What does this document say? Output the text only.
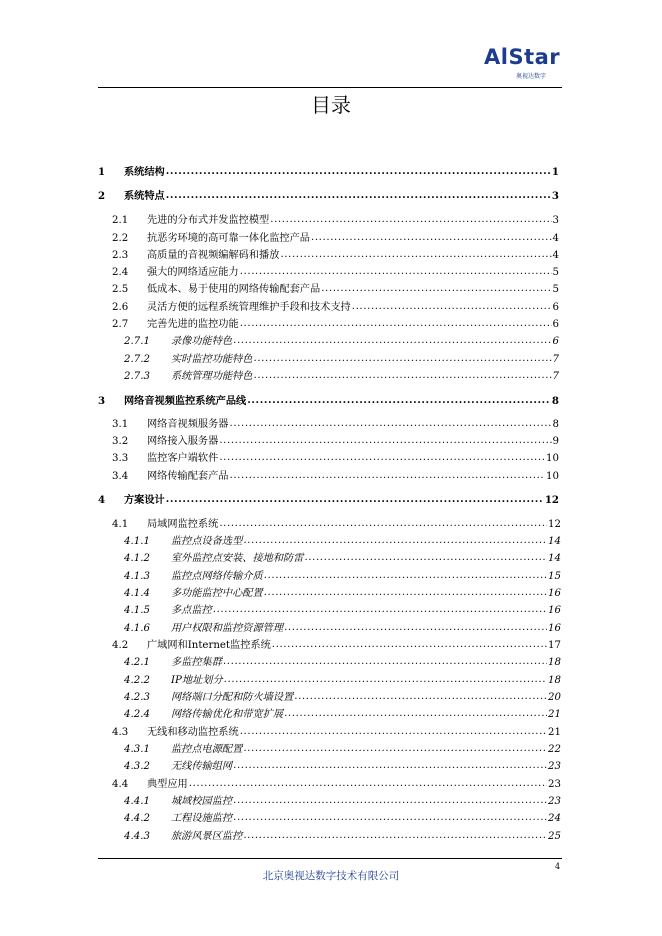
AlStar
奥视达数字
目录
1	系统结构 .....	1
2	系统特点 .....	3
2.1	先进的分布式并发监控模型 .....	3
2.2	抗恶劣环境的高可靠一体化监控产品 .....	4
2.3	高质量的音视频编解码和播放 .....	4
2.4	强大的网络适应能力 .....	5
2.5	低成本、易于使用的网络传输配套产品 .....	5
2.6	灵活方便的远程系统管理维护手段和技术支持 .....	6
2.7	完善先进的监控功能 .....	6
2.7.1	录像功能特色 .....	6
2.7.2	实时监控功能特色 .....	7
2.7.3	系统管理功能特色 .....	7
3	网络音视频监控系统产品线 .....	8
3.1	网络音视频服务器 .....	8
3.2	网络接入服务器 .....	9
3.3	监控客户端软件 .....	10
3.4	网络传输配套产品 .....	10
4	方案设计 .....	12
4.1	局域网监控系统 .....	12
4.1.1	监控点设备选型 .....	14
4.1.2	室外监控点安装、接地和防雷 .....	14
4.1.3	监控点网络传输介质 .....	15
4.1.4	多功能监控中心配置 .....	16
4.1.5	多点监控 .....	16
4.1.6	用户权限和监控资源管理 .....	16
4.2	广域网和Internet监控系统 .....	17
4.2.1	多监控集群 .....	18
4.2.2	IP地址划分 .....	18
4.2.3	网络端口分配和防火墙设置 .....	20
4.2.4	网络传输优化和带宽扩展 .....	21
4.3	无线和移动监控系统 .....	21
4.3.1	监控点电源配置 .....	22
4.3.2	无线传输组网 .....	23
4.4	典型应用 .....	23
4.4.1	城域校园监控 .....	23
4.4.2	工程设施监控 .....	24
4.4.3	旅游风景区监控 .....	25
4
北京奥视达数字技术有限公司
